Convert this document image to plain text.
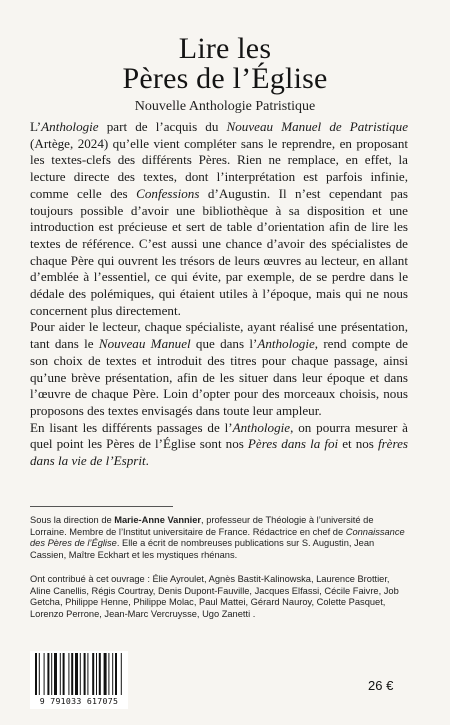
Lire les
Pères de l’Église
Nouvelle Anthologie Patristique

L’Anthologie part de l’acquis du Nouveau Manuel de Patristique (Artège, 2024) qu’elle vient compléter sans le reprendre, en proposant les textes-clefs des différents Pères. Rien ne remplace, en effet, la lecture directe des textes, dont l’interprétation est parfois infinie, comme celle des Confessions d’Augustin. Il n’est cependant pas toujours possible d’avoir une bibliothèque à sa disposition et une introduction est précieuse et sert de table d’orientation afin de lire les textes de référence. C’est aussi une chance d’avoir des spécialistes de chaque Père qui ouvrent les trésors de leurs œuvres au lecteur, en allant d’emblée à l’essentiel, ce qui évite, par exemple, de se perdre dans le dédale des polémiques, qui étaient utiles à l’époque, mais qui ne nous concernent plus directement.

Pour aider le lecteur, chaque spécialiste, ayant réalisé une présentation, tant dans le Nouveau Manuel que dans l’Anthologie, rend compte de son choix de textes et introduit des titres pour chaque passage, ainsi qu’une brève présentation, afin de les situer dans leur époque et dans l’œuvre de chaque Père. Loin d’opter pour des morceaux choisis, nous proposons des textes envisagés dans toute leur ampleur.

En lisant les différents passages de l’Anthologie, on pourra mesurer à quel point les Pères de l’Église sont nos Pères dans la foi et nos frères dans la vie de l’Esprit.

Sous la direction de Marie-Anne Vannier, professeur de Théologie à l’université de Lorraine. Membre de l’Institut universitaire de France. Rédactrice en chef de Connaissance des Pères de l’Église. Elle a écrit de nombreuses publications sur S. Augustin, Jean Cassien, Maître Eckhart et les mystiques rhénans.
Ont contribué à cet ouvrage : Élie Ayroulet, Agnès Bastit-Kalinowska, Laurence Brottier, Aline Canellis, Régis Courtray, Denis Dupont-Fauville, Jacques Elfassi, Cécile Faivre, Job Getcha, Philippe Henne, Philippe Molac, Paul Mattei, Gérard Nauroy, Colette Pasquet, Lorenzo Perrone, Jean-Marc Vercruysse, Ugo Zanetti .
9 791033 617075
26 €
